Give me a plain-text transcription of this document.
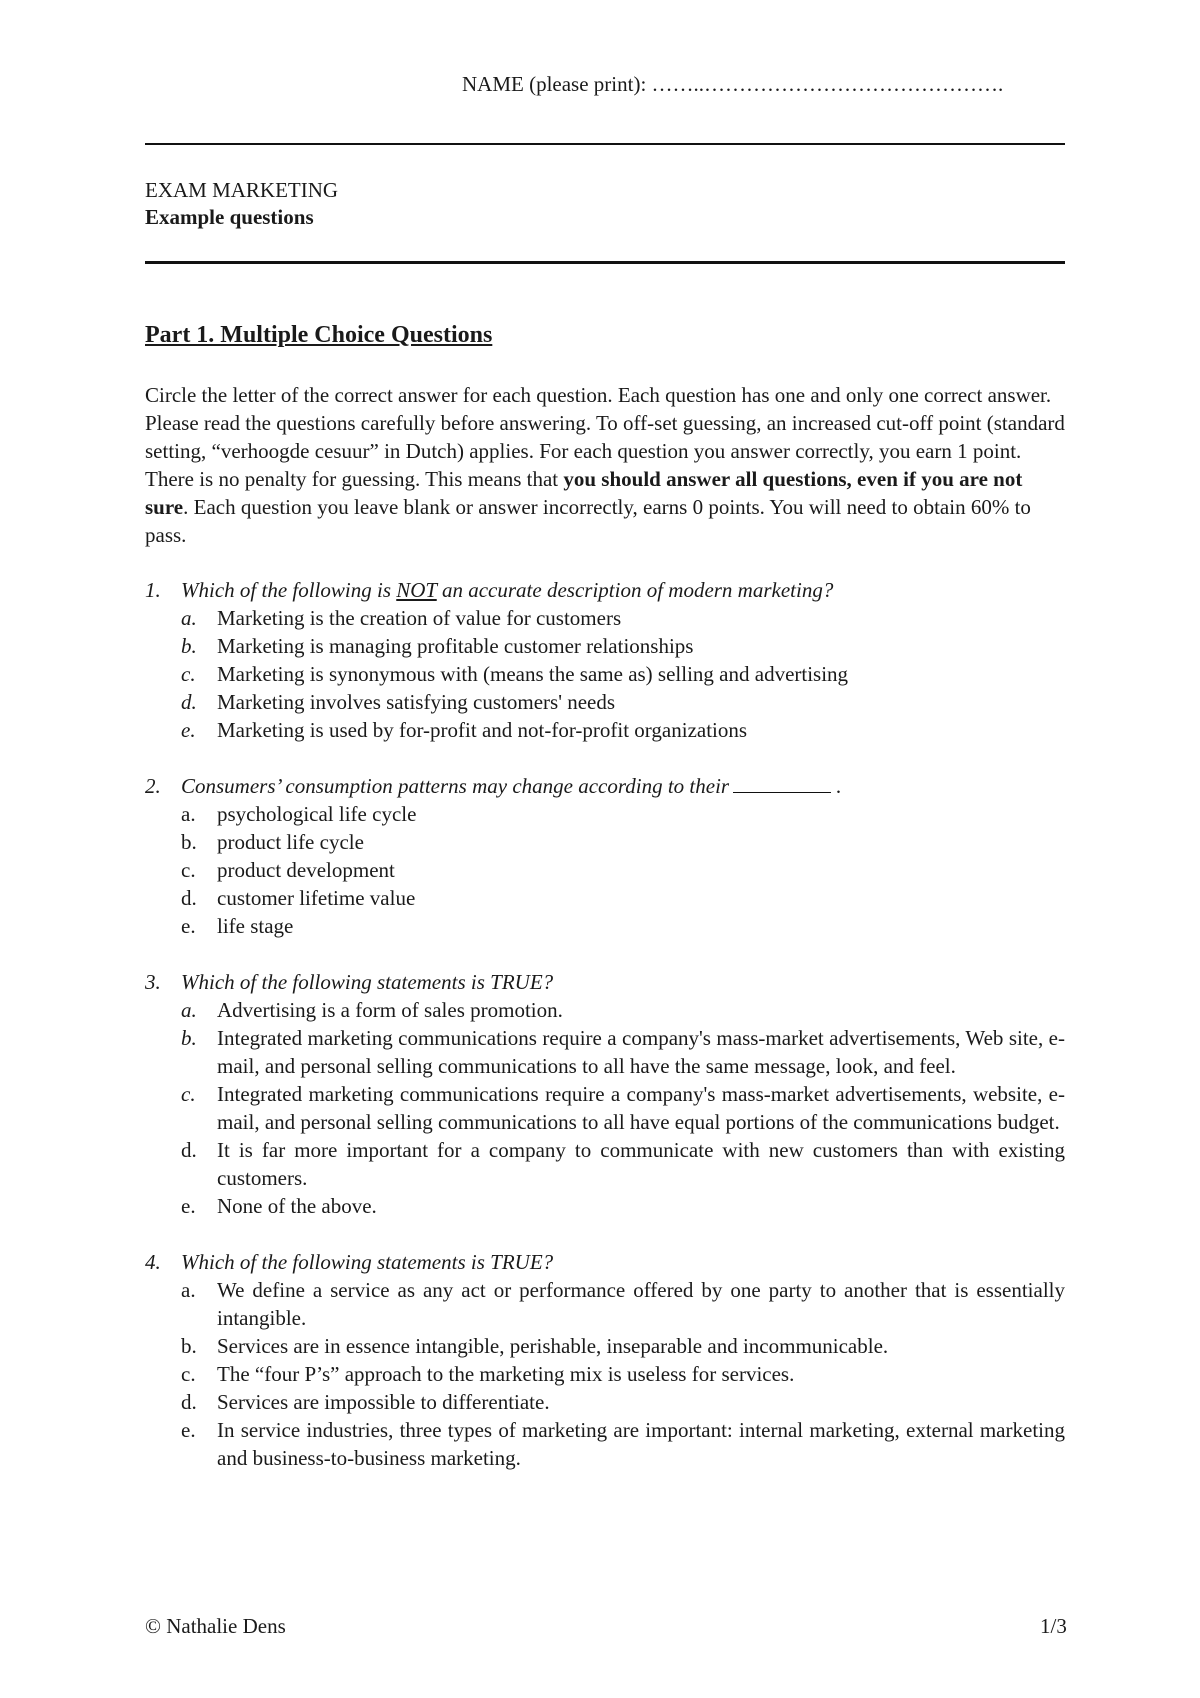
NAME (please print): ……..…………………………………….
EXAM MARKETING
Example questions
Part 1. Multiple Choice Questions
Circle the letter of the correct answer for each question. Each question has one and only one correct answer. Please read the questions carefully before answering. To off-set guessing, an increased cut-off point (standard setting, “verhoogde cesuur” in Dutch) applies. For each question you answer correctly, you earn 1 point. There is no penalty for guessing. This means that you should answer all questions, even if you are not sure. Each question you leave blank or answer incorrectly, earns 0 points. You will need to obtain 60% to pass.
1. Which of the following is NOT an accurate description of modern marketing?
a. Marketing is the creation of value for customers
b. Marketing is managing profitable customer relationships
c.	Marketing is synonymous with (means the same as) selling and advertising
d. Marketing involves satisfying customers' needs
e.	Marketing is used by for-profit and not-for-profit organizations
2. Consumers’ consumption patterns may change according to their	.
a.	psychological life cycle
b. product life cycle
c.	product development
d. customer lifetime value
e.	life stage
3. Which of the following statements is TRUE?
a. Advertising is a form of sales promotion.
b. Integrated marketing communications require a company's mass-market advertisements, Web site, e-mail, and personal selling communications to all have the same message, look, and feel.
c.	Integrated marketing communications require a company's mass-market advertisements, website, e-mail, and personal selling communications to all have equal portions of the communications budget.
d. It is far more important for a company to communicate with new customers than with existing customers.
e.	None of the above.
4. Which of the following statements is TRUE?
a.	We define a service as any act or performance offered by one party to another that is essentially intangible.
b. Services are in essence intangible, perishable, inseparable and incommunicable.
c.	The “four P’s” approach to the marketing mix is useless for services.
d. Services are impossible to differentiate.
e.	In service industries, three types of marketing are important: internal marketing, external marketing and business-to-business marketing.
© Nathalie Dens	1/3
